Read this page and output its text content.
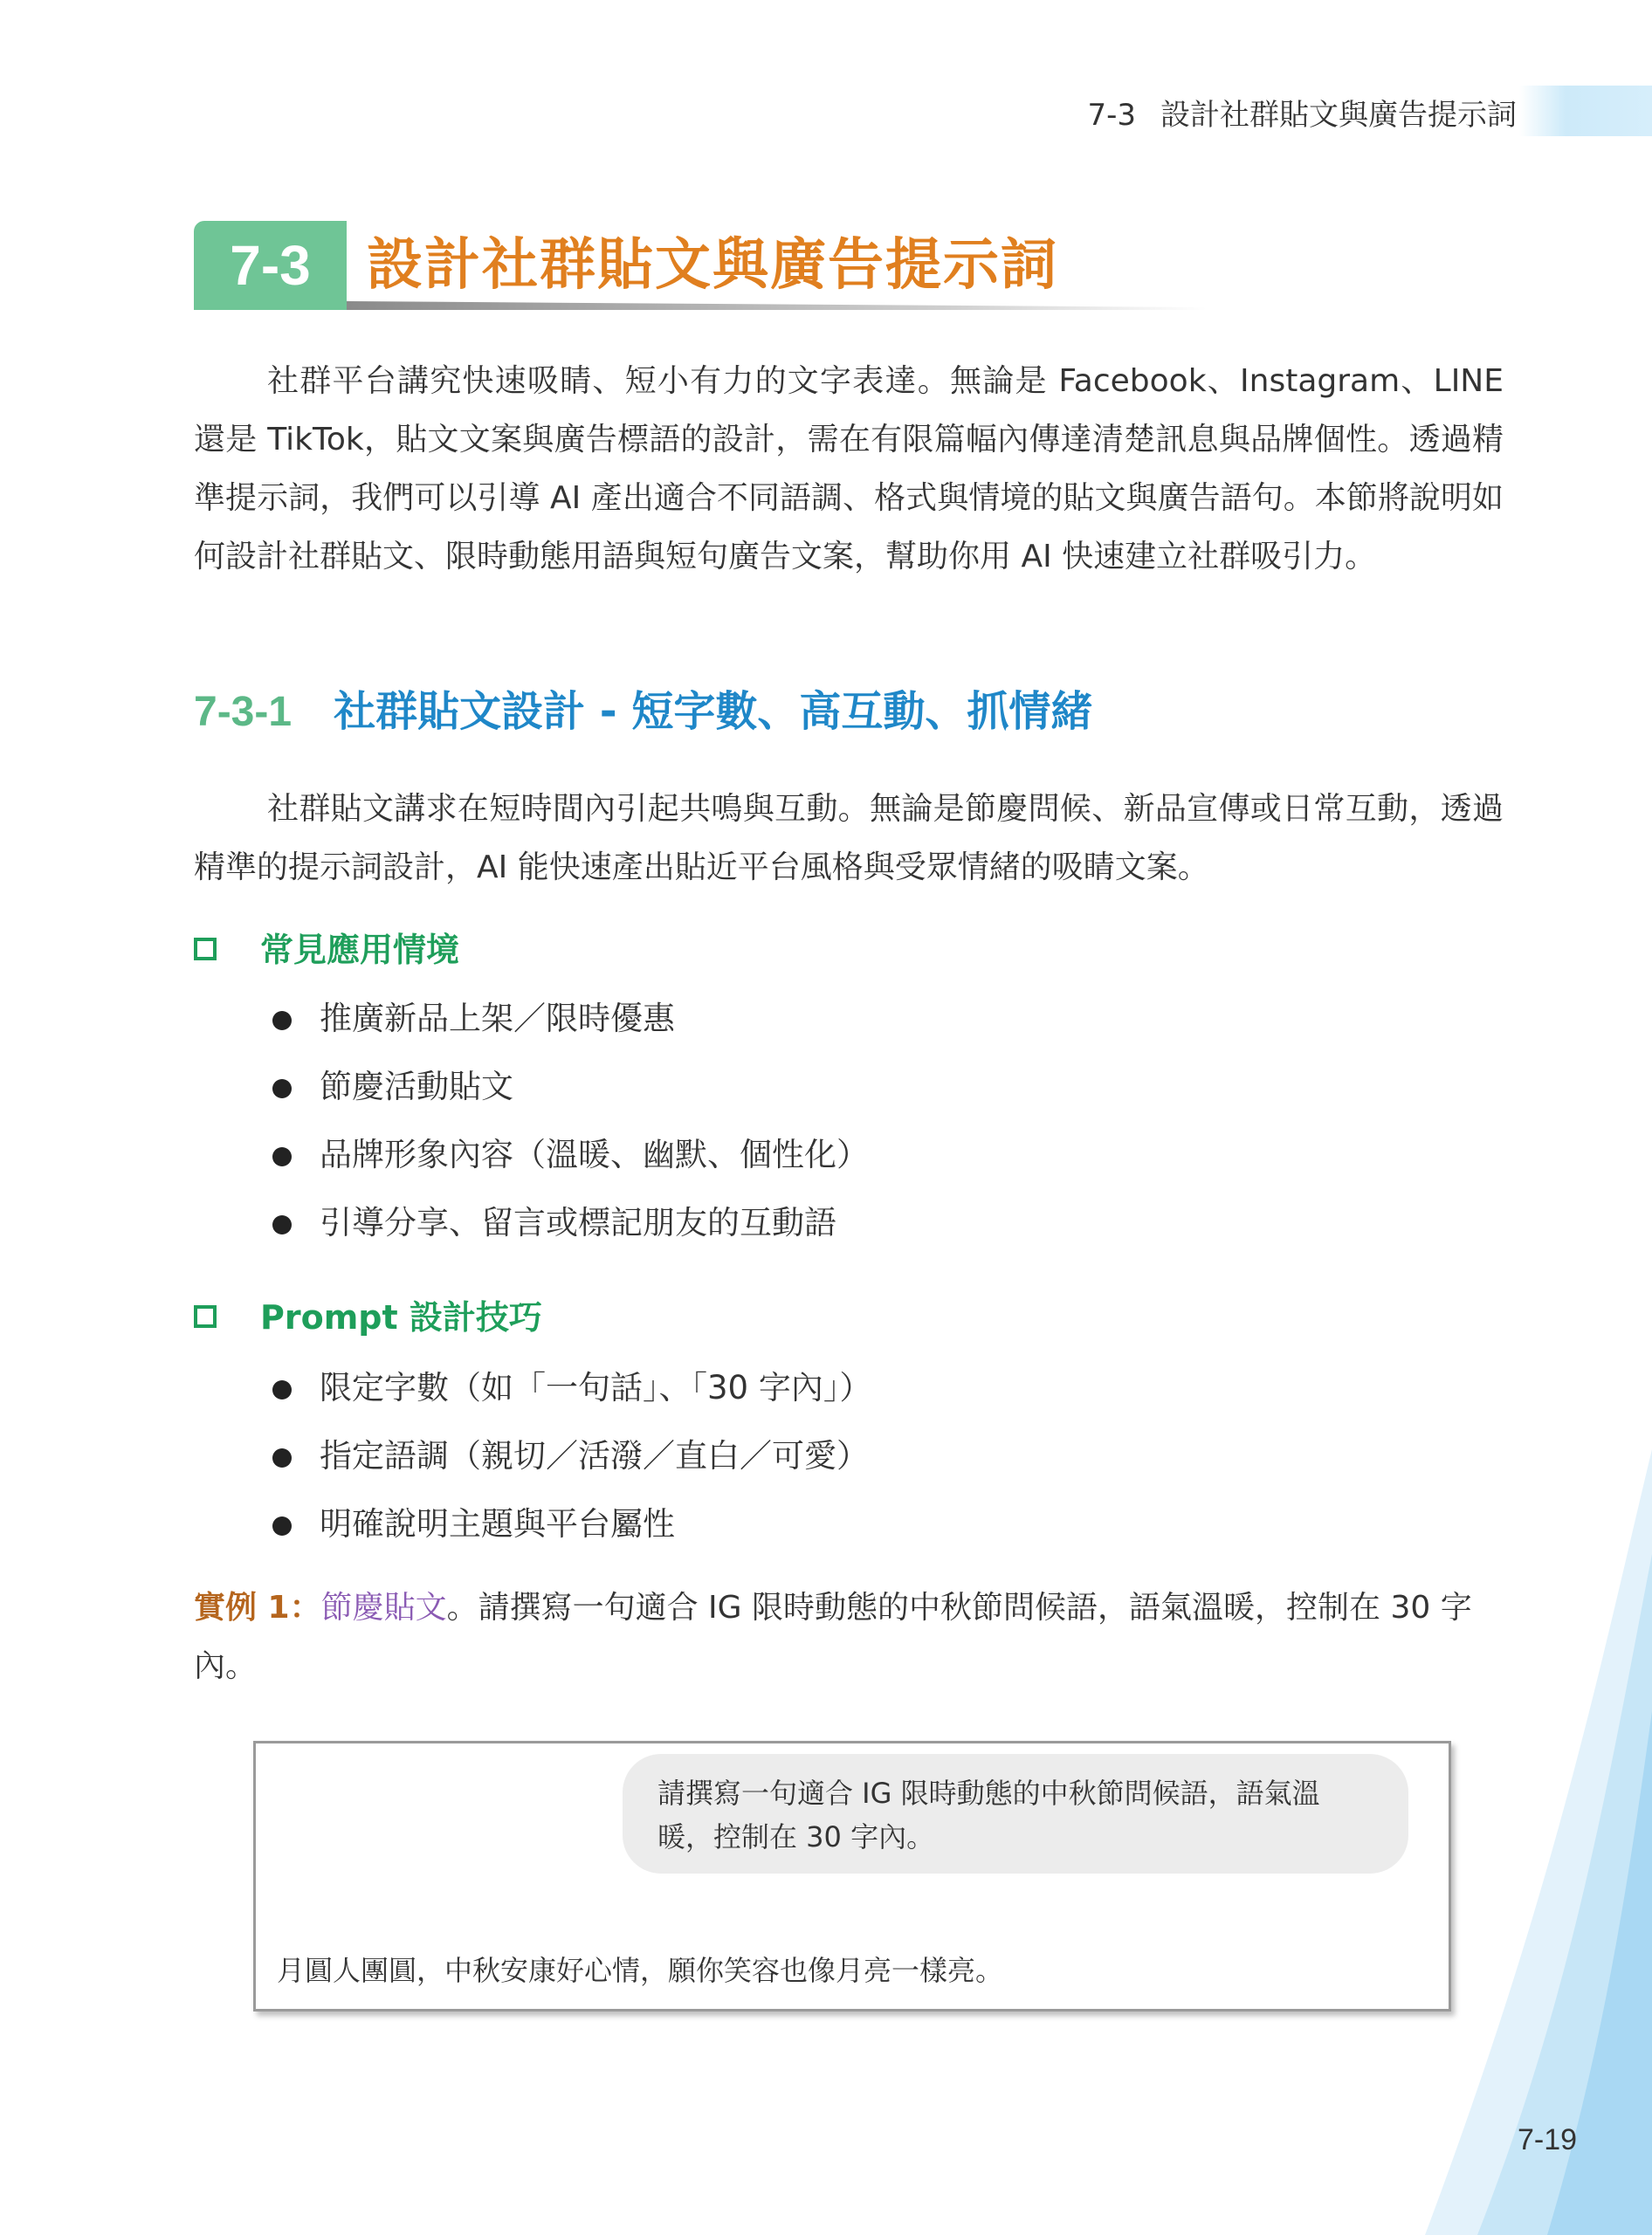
7-3 設計社群貼文與廣告提示詞
7-3	設計社群貼文與廣告提示詞

社群平台講究快速吸睛、短小有力的文字表達。無論是 Facebook、Instagram、LINE 還是 TikTok，貼文文案與廣告標語的設計，需在有限篇幅內傳達清楚訊息與品牌個性。透過精準提示詞，我們可以引導 AI 產出適合不同語調、格式與情境的貼文與廣告語句。本節將說明如何設計社群貼文、限時動態用語與短句廣告文案，幫助你用 AI 快速建立社群吸引力。

7-3-1 社群貼文設計 - 短字數、高互動、抓情緒

社群貼文講求在短時間內引起共鳴與互動。無論是節慶問候、新品宣傳或日常互動，透過精準的提示詞設計，AI 能快速產出貼近平台風格與受眾情緒的吸睛文案。

常見應用情境
推廣新品上架／限時優惠
節慶活動貼文
品牌形象內容（溫暖、幽默、個性化）
引導分享、留言或標記朋友的互動語
Prompt 設計技巧
限定字數（如「一句話」、「30 字內」）
指定語調（親切／活潑／直白／可愛）
明確說明主題與平台屬性

實例 1：節慶貼文。請撰寫一句適合 IG 限時動態的中秋節問候語，語氣溫暖，控制在 30 字內。

請撰寫一句適合 IG 限時動態的中秋節問候語，語氣溫暖，控制在 30 字內。
月圓人團圓，中秋安康好心情，願你笑容也像月亮一樣亮。
7-19
